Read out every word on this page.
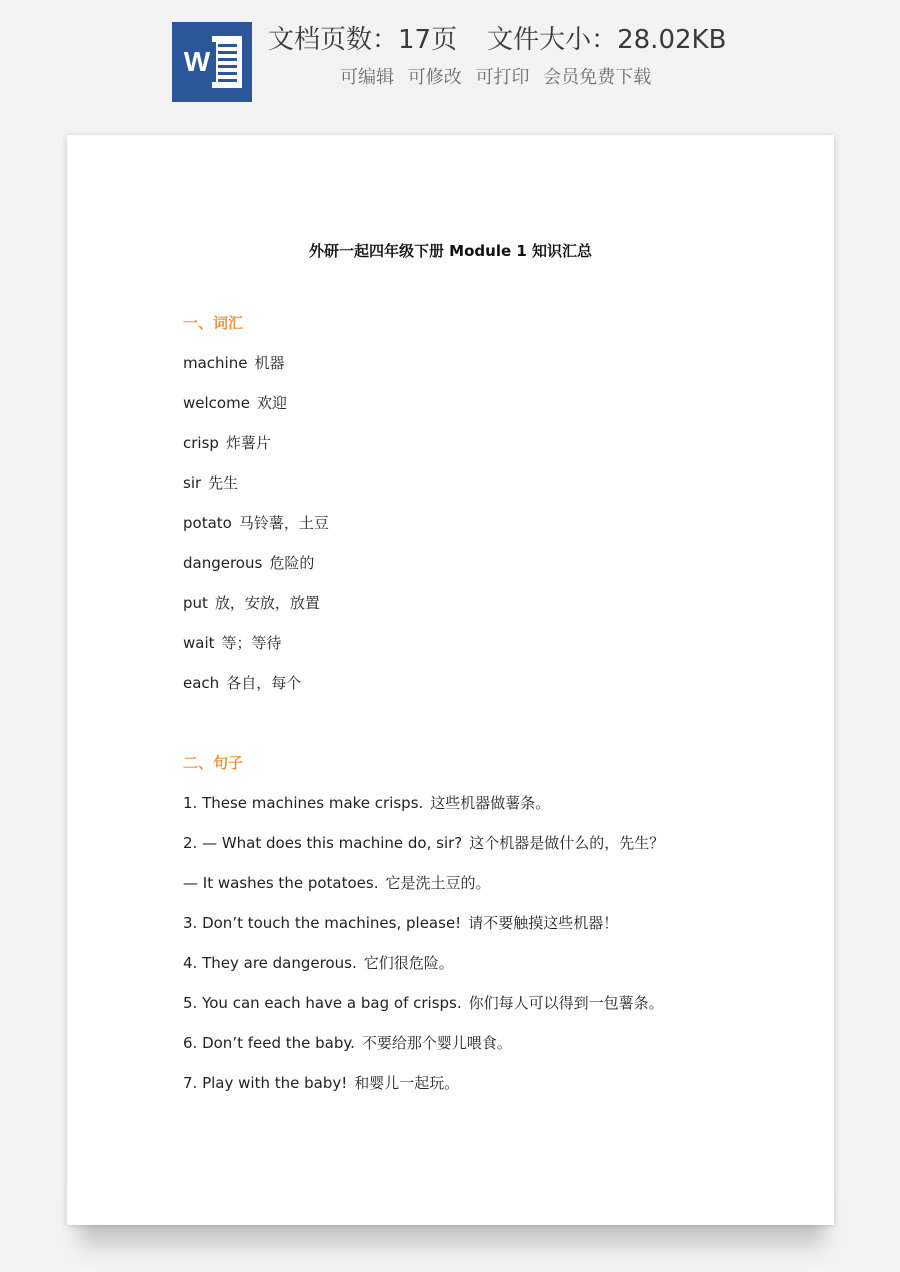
W
文档页数：17页 文件大小：28.02KB
可编辑 可修改 可打印 会员免费下载
外研一起四年级下册 Module 1 知识汇总
一、词汇
machine 机器
welcome 欢迎
crisp 炸薯片
sir 先生
potato 马铃薯，土豆
dangerous 危险的
put 放，安放，放置
wait 等；等待
each 各自，每个
二、句子
1. These machines make crisps. 这些机器做薯条。
2. — What does this machine do, sir? 这个机器是做什么的，先生？
— It washes the potatoes. 它是洗土豆的。
3. Don’t touch the machines, please! 请不要触摸这些机器！
4. They are dangerous. 它们很危险。
5. You can each have a bag of crisps. 你们每人可以得到一包薯条。
6. Don’t feed the baby. 不要给那个婴儿喂食。
7. Play with the baby! 和婴儿一起玩。
